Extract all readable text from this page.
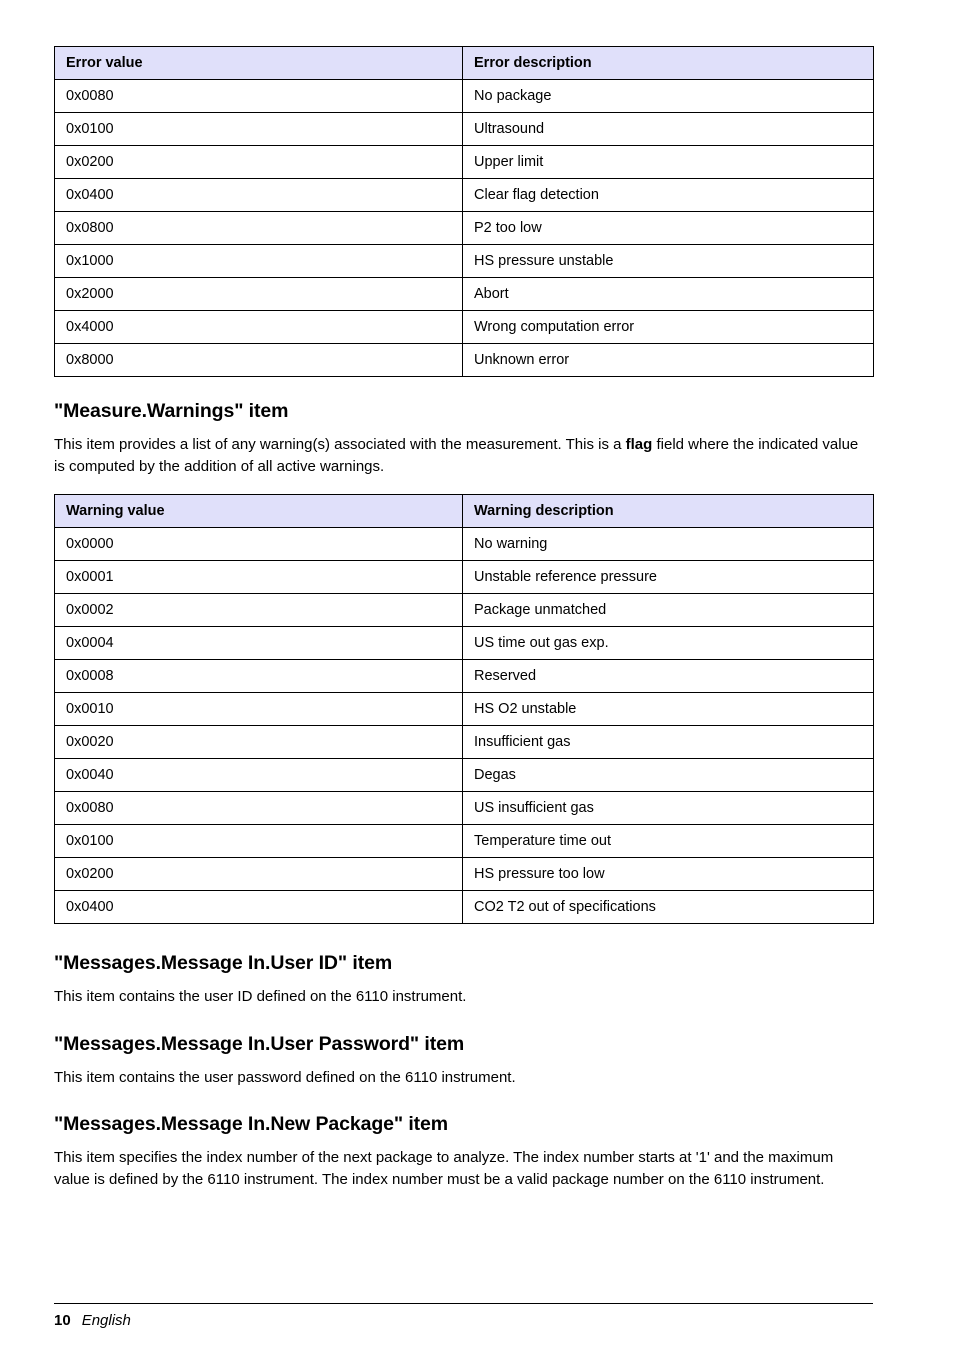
Error value	Error description
0x0080	No package
0x0100	Ultrasound
0x0200	Upper limit
0x0400	Clear flag detection
0x0800	P2 too low
0x1000	HS pressure unstable
0x2000	Abort
0x4000	Wrong computation error
0x8000	Unknown error
"Measure.Warnings" item

This item provides a list of any warning(s) associated with the measurement. This is a flag field where the indicated value is computed by the addition of all active warnings.

Warning value	Warning description
0x0000	No warning
0x0001	Unstable reference pressure
0x0002	Package unmatched
0x0004	US time out gas exp.
0x0008	Reserved
0x0010	HS O2 unstable
0x0020	Insufficient gas
0x0040	Degas
0x0080	US insufficient gas
0x0100	Temperature time out
0x0200	HS pressure too low
0x0400	CO2 T2 out of specifications
"Messages.Message In.User ID" item

This item contains the user ID defined on the 6110 instrument.

"Messages.Message In.User Password" item

This item contains the user password defined on the 6110 instrument.

"Messages.Message In.New Package" item

This item specifies the index number of the next package to analyze. The index number starts at '1' and the maximum value is defined by the 6110 instrument. The index number must be a valid package number on the 6110 instrument.

10 English
